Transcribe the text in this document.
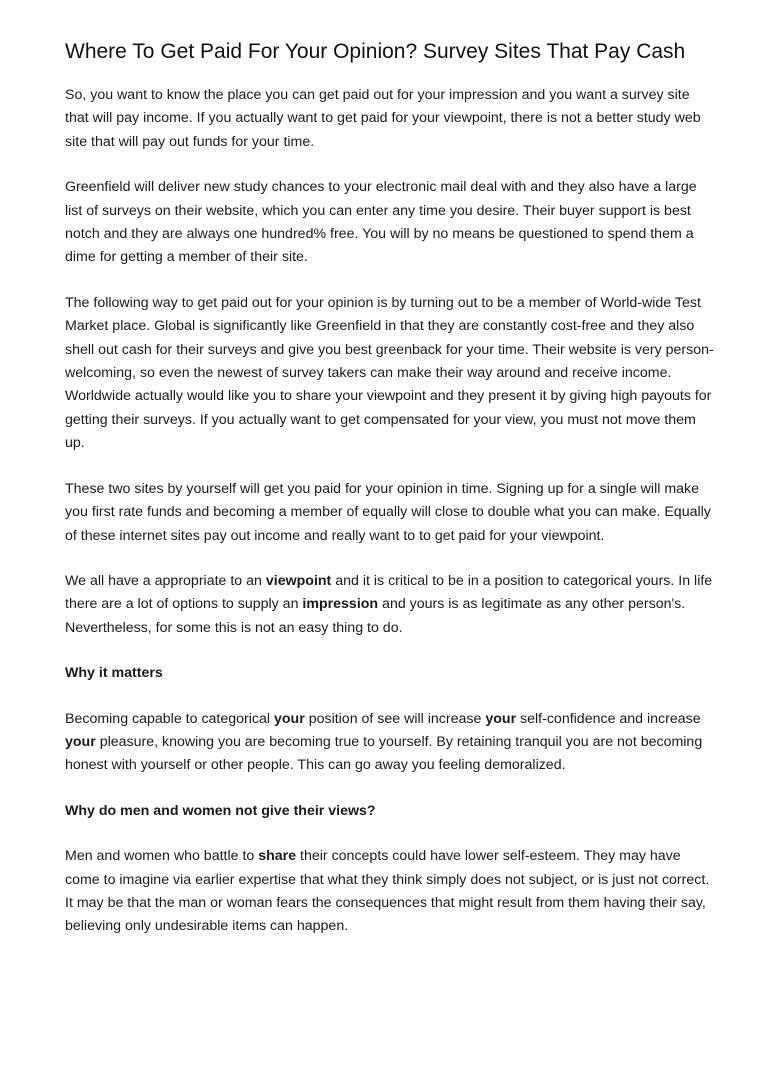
Where To Get Paid For Your Opinion? Survey Sites That Pay Cash

So, you want to know the place you can get paid out for your impression and you want a survey site that will pay income. If you actually want to get paid for your viewpoint, there is not a better study web site that will pay out funds for your time.

Greenfield will deliver new study chances to your electronic mail deal with and they also have a large list of surveys on their website, which you can enter any time you desire. Their buyer support is best notch and they are always one hundred% free. You will by no means be questioned to spend them a dime for getting a member of their site.

The following way to get paid out for your opinion is by turning out to be a member of World-wide Test Market place. Global is significantly like Greenfield in that they are constantly cost-free and they also shell out cash for their surveys and give you best greenback for your time. Their website is very person-welcoming, so even the newest of survey takers can make their way around and receive income. Worldwide actually would like you to share your viewpoint and they present it by giving high payouts for getting their surveys. If you actually want to get compensated for your view, you must not move them up.

These two sites by yourself will get you paid for your opinion in time. Signing up for a single will make you first rate funds and becoming a member of equally will close to double what you can make. Equally of these internet sites pay out income and really want to to get paid for your viewpoint.

We all have a appropriate to an viewpoint and it is critical to be in a position to categorical yours. In life there are a lot of options to supply an impression and yours is as legitimate as any other person's. Nevertheless, for some this is not an easy thing to do.

Why it matters

Becoming capable to categorical your position of see will increase your self-confidence and increase your pleasure, knowing you are becoming true to yourself. By retaining tranquil you are not becoming honest with yourself or other people. This can go away you feeling demoralized.

Why do men and women not give their views?

Men and women who battle to share their concepts could have lower self-esteem. They may have come to imagine via earlier expertise that what they think simply does not subject, or is just not correct. It may be that the man or woman fears the consequences that might result from them having their say, believing only undesirable items can happen.
